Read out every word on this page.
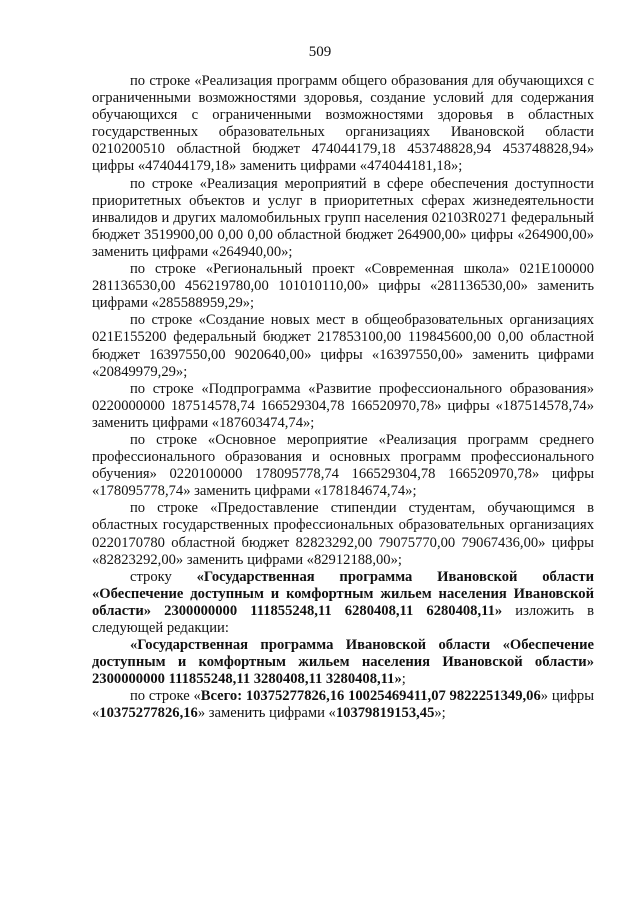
509

по строке «Реализация программ общего образования для обучающихся с ограниченными возможностями здоровья, создание условий для содержания обучающихся с ограниченными возможностями здоровья в областных государственных образовательных организациях Ивановской области 0210200510 областной бюджет 474044179,18 453748828,94 453748828,94» цифры «474044179,18» заменить цифрами «474044181,18»;

по строке «Реализация мероприятий в сфере обеспечения доступности приоритетных объектов и услуг в приоритетных сферах жизнедеятельности инвалидов и других маломобильных групп населения 02103R0271 федеральный бюджет 3519900,00 0,00 0,00 областной бюджет 264900,00» цифры «264900,00» заменить цифрами «264940,00»;

по строке «Региональный проект «Современная школа» 021E100000 281136530,00 456219780,00 101010110,00» цифры «281136530,00» заменить цифрами «285588959,29»;

по строке «Создание новых мест в общеобразовательных организациях 021E155200 федеральный бюджет 217853100,00 119845600,00 0,00 областной бюджет 16397550,00 9020640,00» цифры «16397550,00» заменить цифрами «20849979,29»;

по строке «Подпрограмма «Развитие профессионального образования» 0220000000 187514578,74 166529304,78 166520970,78» цифры «187514578,74» заменить цифрами «187603474,74»;

по строке «Основное мероприятие «Реализация программ среднего профессионального образования и основных программ профессионального обучения» 0220100000 178095778,74 166529304,78 166520970,78» цифры «178095778,74» заменить цифрами «178184674,74»;

по строке «Предоставление стипендии студентам, обучающимся в областных государственных профессиональных образовательных организациях 0220170780 областной бюджет 82823292,00 79075770,00 79067436,00» цифры «82823292,00» заменить цифрами «82912188,00»;

строку «Государственная программа Ивановской области «Обеспечение доступным и комфортным жильем населения Ивановской области» 2300000000 111855248,11 6280408,11 6280408,11» изложить в следующей редакции:

«Государственная программа Ивановской области «Обеспечение доступным и комфортным жильем населения Ивановской области» 2300000000 111855248,11 3280408,11 3280408,11»;

по строке «Всего: 10375277826,16 10025469411,07 9822251349,06» цифры «10375277826,16» заменить цифрами «10379819153,45»;
